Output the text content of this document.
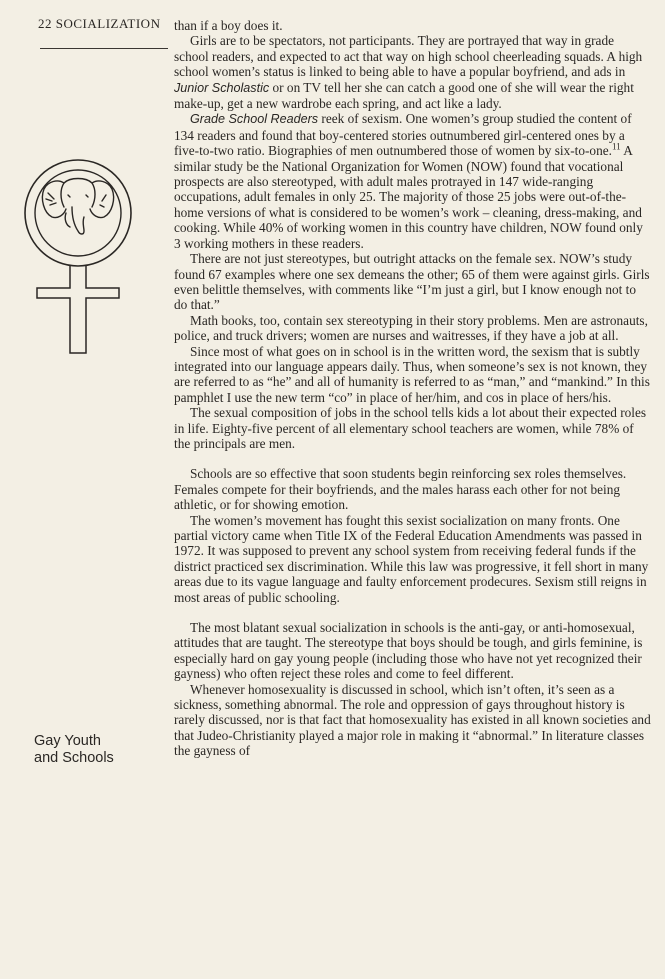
22 SOCIALIZATION
Gay Youth
and Schools

than if a boy does it.

Girls are to be spectators, not participants. They are portrayed that way in grade school readers, and expected to act that way on high school cheerleading squads. A high school women’s status is linked to being able to have a popular boyfriend, and ads in Junior Scholastic or on TV tell her she can catch a good one of she will wear the right make-up, get a new wardrobe each spring, and act like a lady.

Grade School Readers reek of sexism. One women’s group studied the content of 134 readers and found that boy-centered stories outnumbered girl-centered ones by a five-to-two ratio. Biographies of men outnumbered those of women by six-to-one.$^{11}$ A similar study be the National Organization for Women (NOW) found that vocational prospects are also stereotyped, with adult males protrayed in 147 wide-ranging occupations, adult females in only 25. The majority of those 25 jobs were out-of-the-home versions of what is considered to be women’s work – cleaning, dress-making, and cooking. While 40% of working women in this country have children, NOW found only 3 working mothers in these readers.

There are not just stereotypes, but outright attacks on the female sex. NOW’s study found 67 examples where one sex demeans the other; 65 of them were against girls. Girls even belittle themselves, with comments like “I’m just a girl, but I know enough not to do that.”

Math books, too, contain sex stereotyping in their story problems. Men are astronauts, police, and truck drivers; women are nurses and waitresses, if they have a job at all.

Since most of what goes on in school is in the written word, the sexism that is subtly integrated into our language appears daily. Thus, when someone’s sex is not known, they are referred to as “he” and all of humanity is referred to as “man,” and “mankind.” In this pamphlet I use the new term “co” in place of her/him, and cos in place of hers/his.

The sexual composition of jobs in the school tells kids a lot about their expected roles in life. Eighty-five percent of all elementary school teachers are women, while 78% of the principals are men.

Schools are so effective that soon students begin reinforcing sex roles themselves. Females compete for their boyfriends, and the males harass each other for not being athletic, or for showing emotion.

The women’s movement has fought this sexist socialization on many fronts. One partial victory came when Title IX of the Federal Education Amendments was passed in 1972. It was supposed to prevent any school system from receiving federal funds if the district practiced sex discrimination. While this law was progressive, it fell short in many areas due to its vague language and faulty enforcement prodecures. Sexism still reigns in most areas of public schooling.

The most blatant sexual socialization in schools is the anti-gay, or anti-homosexual, attitudes that are taught. The stereotype that boys should be tough, and girls feminine, is especially hard on gay young people (including those who have not yet recognized their gayness) who often reject these roles and come to feel different.

Whenever homosexuality is discussed in school, which isn’t often, it’s seen as a sickness, something abnormal. The role and oppression of gays throughout history is rarely discussed, nor is that fact that homosexuality has existed in all known societies and that Judeo-Christianity played a major role in making it “abnormal.” In literature classes the gayness of
